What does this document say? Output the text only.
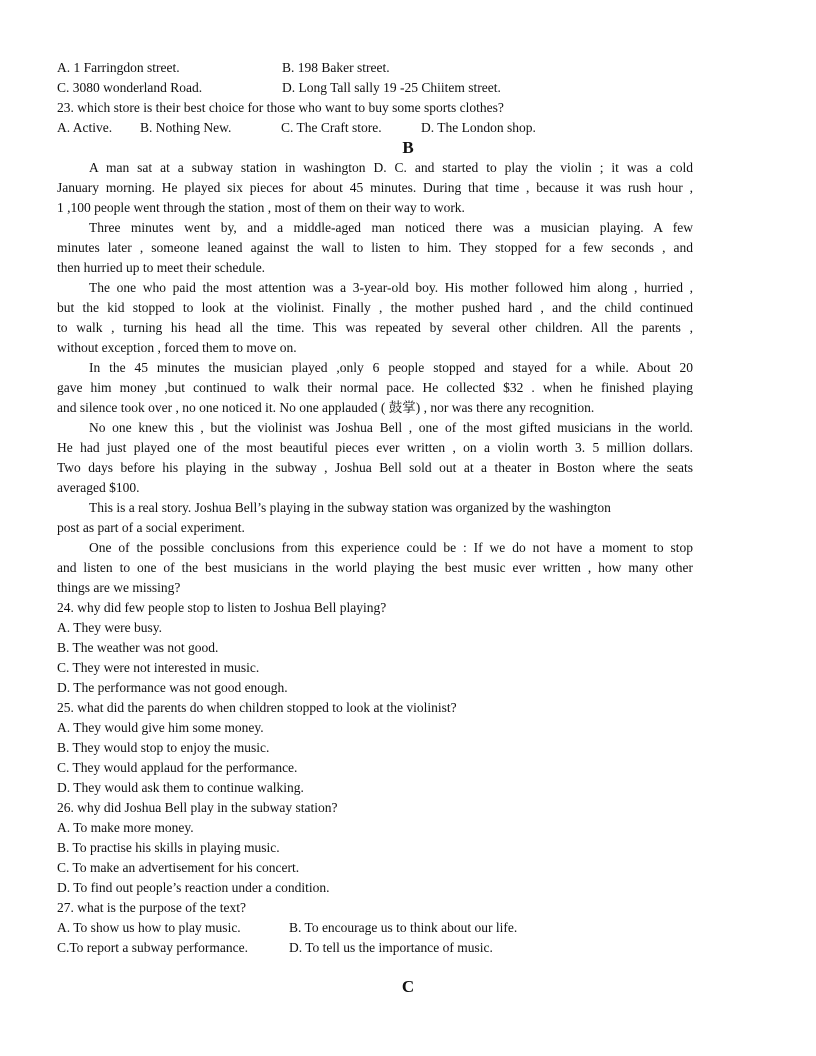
A. 1 Farringdon street.	B. 198 Baker street.
C. 3080 wonderland Road.	D. Long Tall sally 19 -25 Chiitem street.
23. which store is their best choice for those who want to buy some sports clothes?
A. Active. B. Nothing New.	C. The Craft store.	D. The London shop.
B
A man sat at a subway station in washington D. C. and started to play the violin ; it was a cold
January morning. He played six pieces for about 45 minutes. During that time , because it was rush hour ,
1 ,100 people went through the station , most of them on their way to work.
Three minutes went by, and a middle-aged man noticed there was a musician playing. A few
minutes later , someone leaned against the wall to listen to him. They stopped for a few seconds , and
then hurried up to meet their schedule.
The one who paid the most attention was a 3-year-old boy. His mother followed him along , hurried ,
but the kid stopped to look at the violinist. Finally , the mother pushed hard , and the child continued
to walk , turning his head all the time. This was repeated by several other children. All the parents ,
without exception , forced them to move on.
In the 45 minutes the musician played ,only 6 people stopped and stayed for a while. About 20
gave him money ,but continued to walk their normal pace. He collected $32 . when he finished playing
and silence took over , no one noticed it. No one applauded ( 鼓掌) , nor was there any recognition.
No one knew this , but the violinist was Joshua Bell , one of the most gifted musicians in the world.
He had just played one of the most beautiful pieces ever written , on a violin worth 3. 5 million dollars.
Two days before his playing in the subway , Joshua Bell sold out at a theater in Boston where the seats
averaged $100.
This is a real story. Joshua Bell’s playing in the subway station was organized by the washington
post as part of a social experiment.
One of the possible conclusions from this experience could be : If we do not have a moment to stop
and listen to one of the best musicians in the world playing the best music ever written , how many other
things are we missing?
24. why did few people stop to listen to Joshua Bell playing?
A. They were busy.
B. The weather was not good.
C. They were not interested in music.
D. The performance was not good enough.
25. what did the parents do when children stopped to look at the violinist?
A. They would give him some money.
B. They would stop to enjoy the music.
C. They would applaud for the performance.
D. They would ask them to continue walking.
26. why did Joshua Bell play in the subway station?
A. To make more money.
B. To practise his skills in playing music.
C. To make an advertisement for his concert.
D. To find out people’s reaction under a condition.
27. what is the purpose of the text?
A. To show us how to play music.	B. To encourage us to think about our life.
C.To report a subway performance.	D. To tell us the importance of music.
C
